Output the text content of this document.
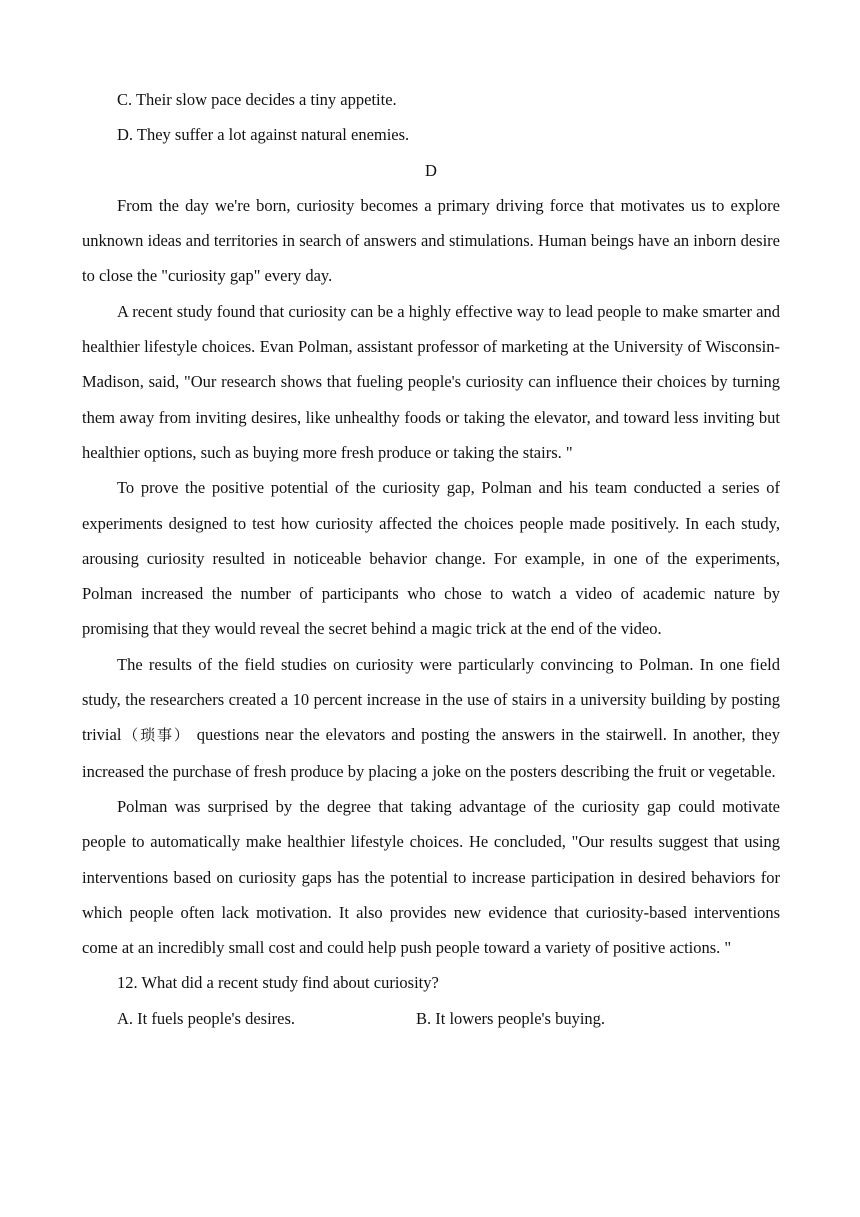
C. Their slow pace decides a tiny appetite.

D. They suffer a lot against natural enemies.

D

From the day we're born, curiosity becomes a primary driving force that motivates us to explore unknown ideas and territories in search of answers and stimulations. Human beings have an inborn desire to close the "curiosity gap" every day.

A recent study found that curiosity can be a highly effective way to lead people to make smarter and healthier lifestyle choices. Evan Polman, assistant professor of marketing at the University of Wisconsin-Madison, said, "Our research shows that fueling people's curiosity can influence their choices by turning them away from inviting desires, like unhealthy foods or taking the elevator, and toward less inviting but healthier options, such as buying more fresh produce or taking the stairs. "

To prove the positive potential of the curiosity gap, Polman and his team conducted a series of experiments designed to test how curiosity affected the choices people made positively. In each study, arousing curiosity resulted in noticeable behavior change. For example, in one of the experiments, Polman increased the number of participants who chose to watch a video of academic nature by promising that they would reveal the secret behind a magic trick at the end of the video.

The results of the field studies on curiosity were particularly convincing to Polman. In one field study, the researchers created a 10 percent increase in the use of stairs in a university building by posting trivial（琐事） questions near the elevators and posting the answers in the stairwell. In another, they increased the purchase of fresh produce by placing a joke on the posters describing the fruit or vegetable.

Polman was surprised by the degree that taking advantage of the curiosity gap could motivate people to automatically make healthier lifestyle choices. He concluded, "Our results suggest that using interventions based on curiosity gaps has the potential to increase participation in desired behaviors for which people often lack motivation. It also provides new evidence that curiosity-based interventions come at an incredibly small cost and could help push people toward a variety of positive actions. "

12. What did a recent study find about curiosity?

A. It fuels people's desires.	B. It lowers people's buying.
